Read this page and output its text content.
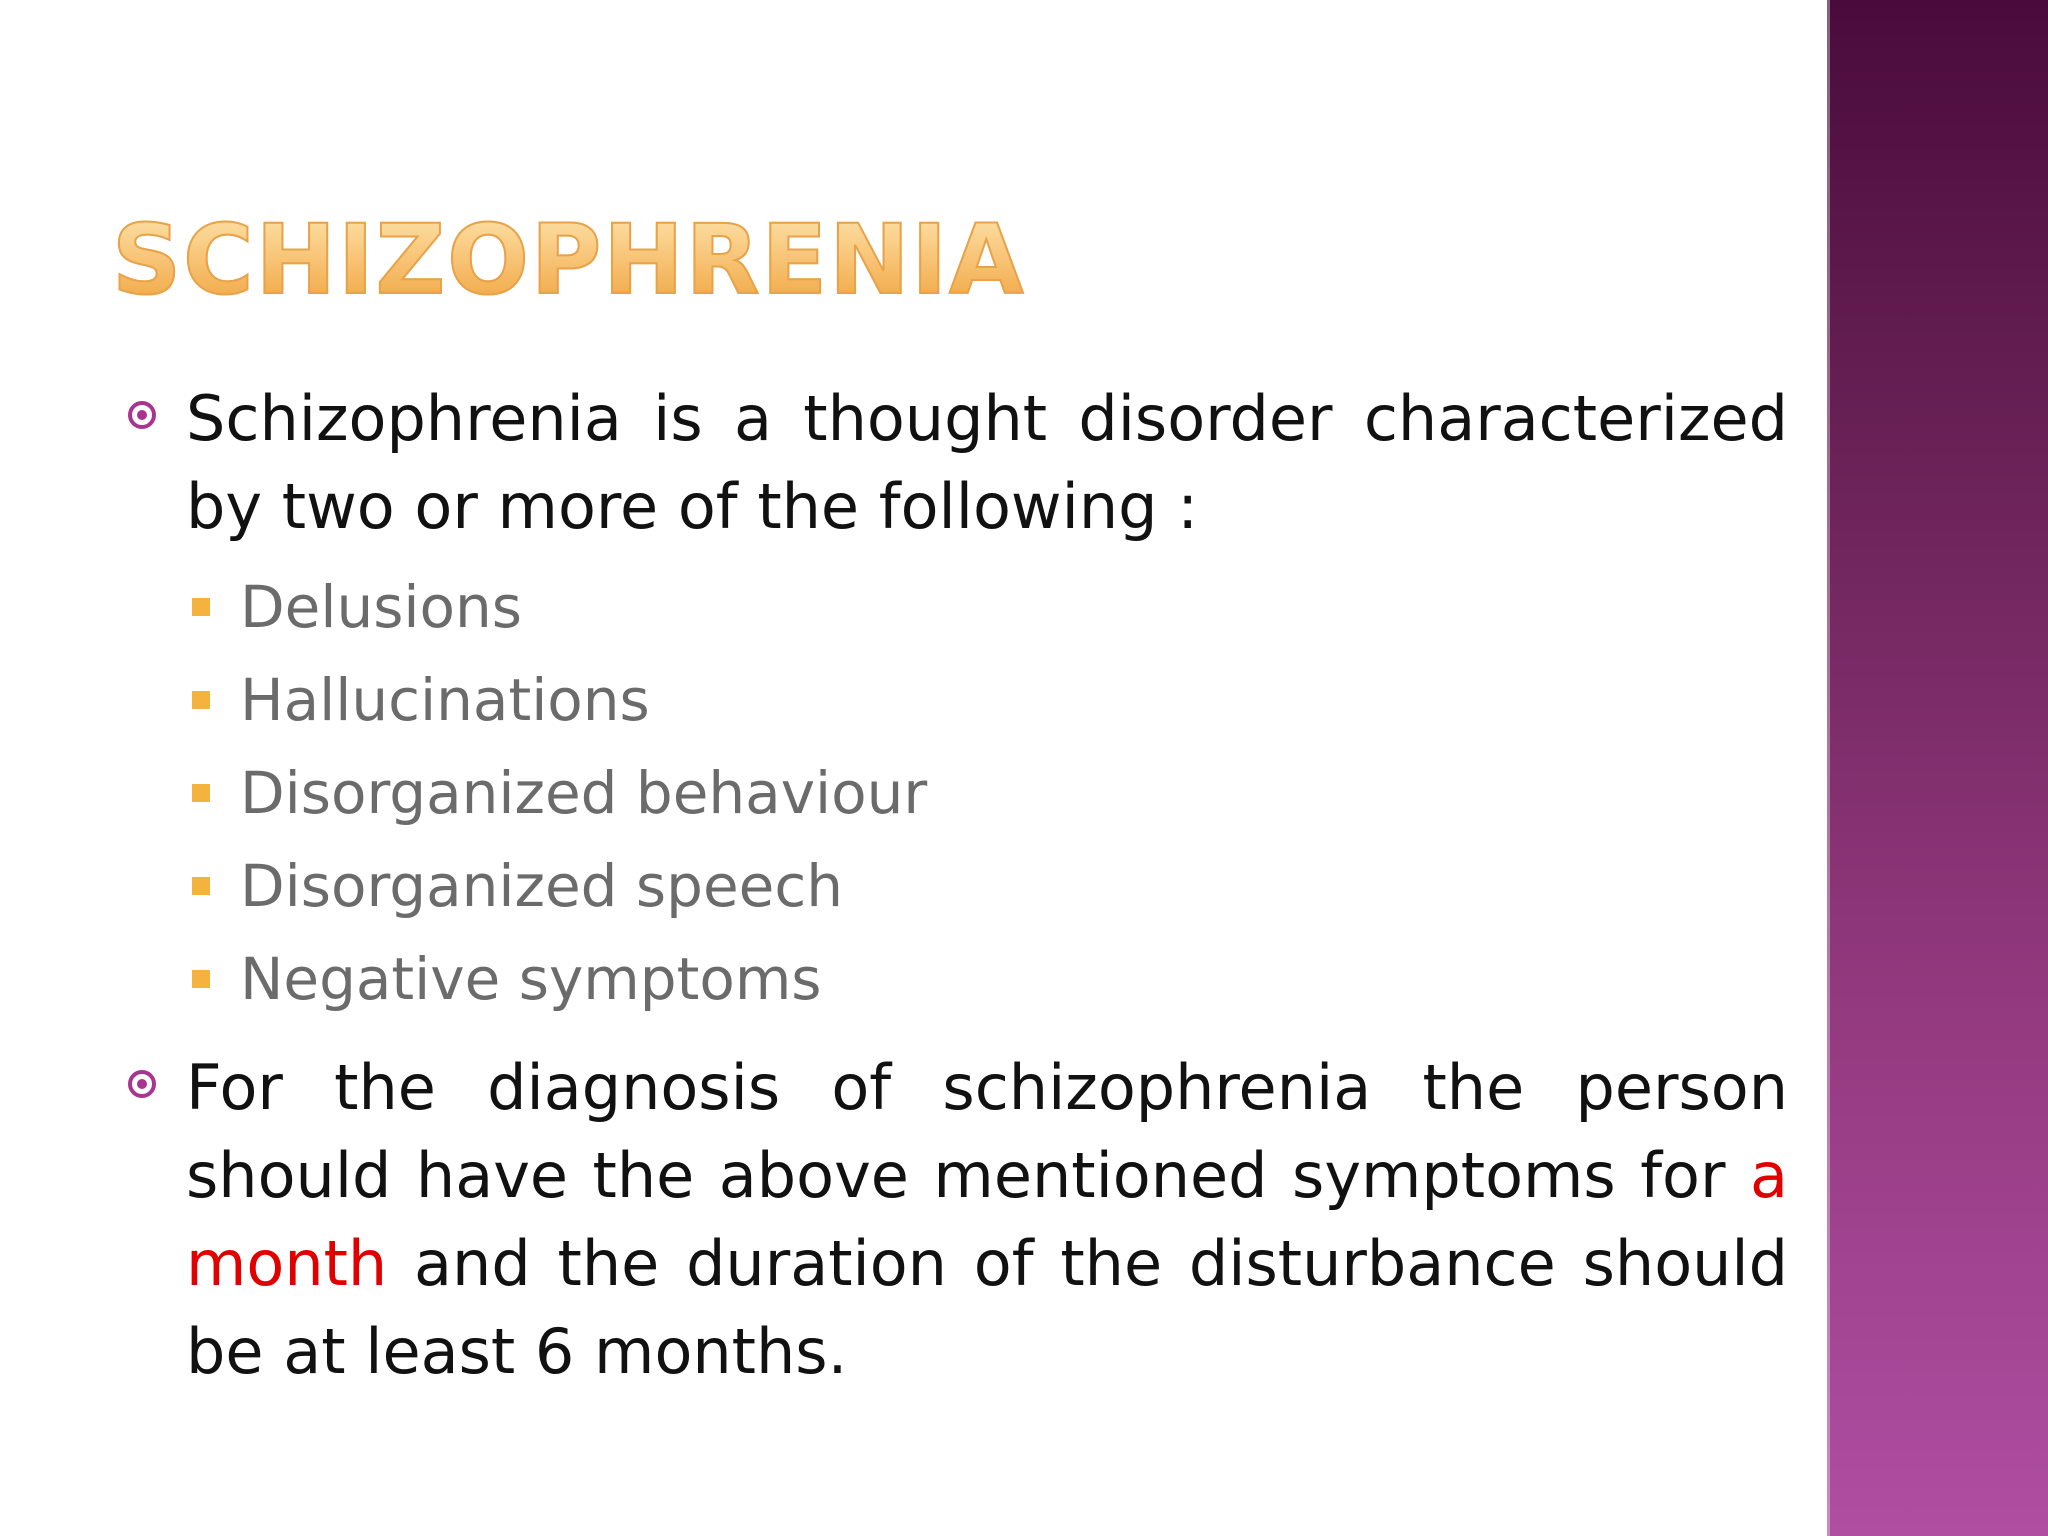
SCHIZOPHRENIA
Schizophrenia is a thought disorder characterized by two or more of the following :
Delusions
Hallucinations
Disorganized behaviour
Disorganized speech
Negative symptoms
For the diagnosis of schizophrenia the person should have the above mentioned symptoms for a month and the duration of the disturbance should be at least 6 months.
